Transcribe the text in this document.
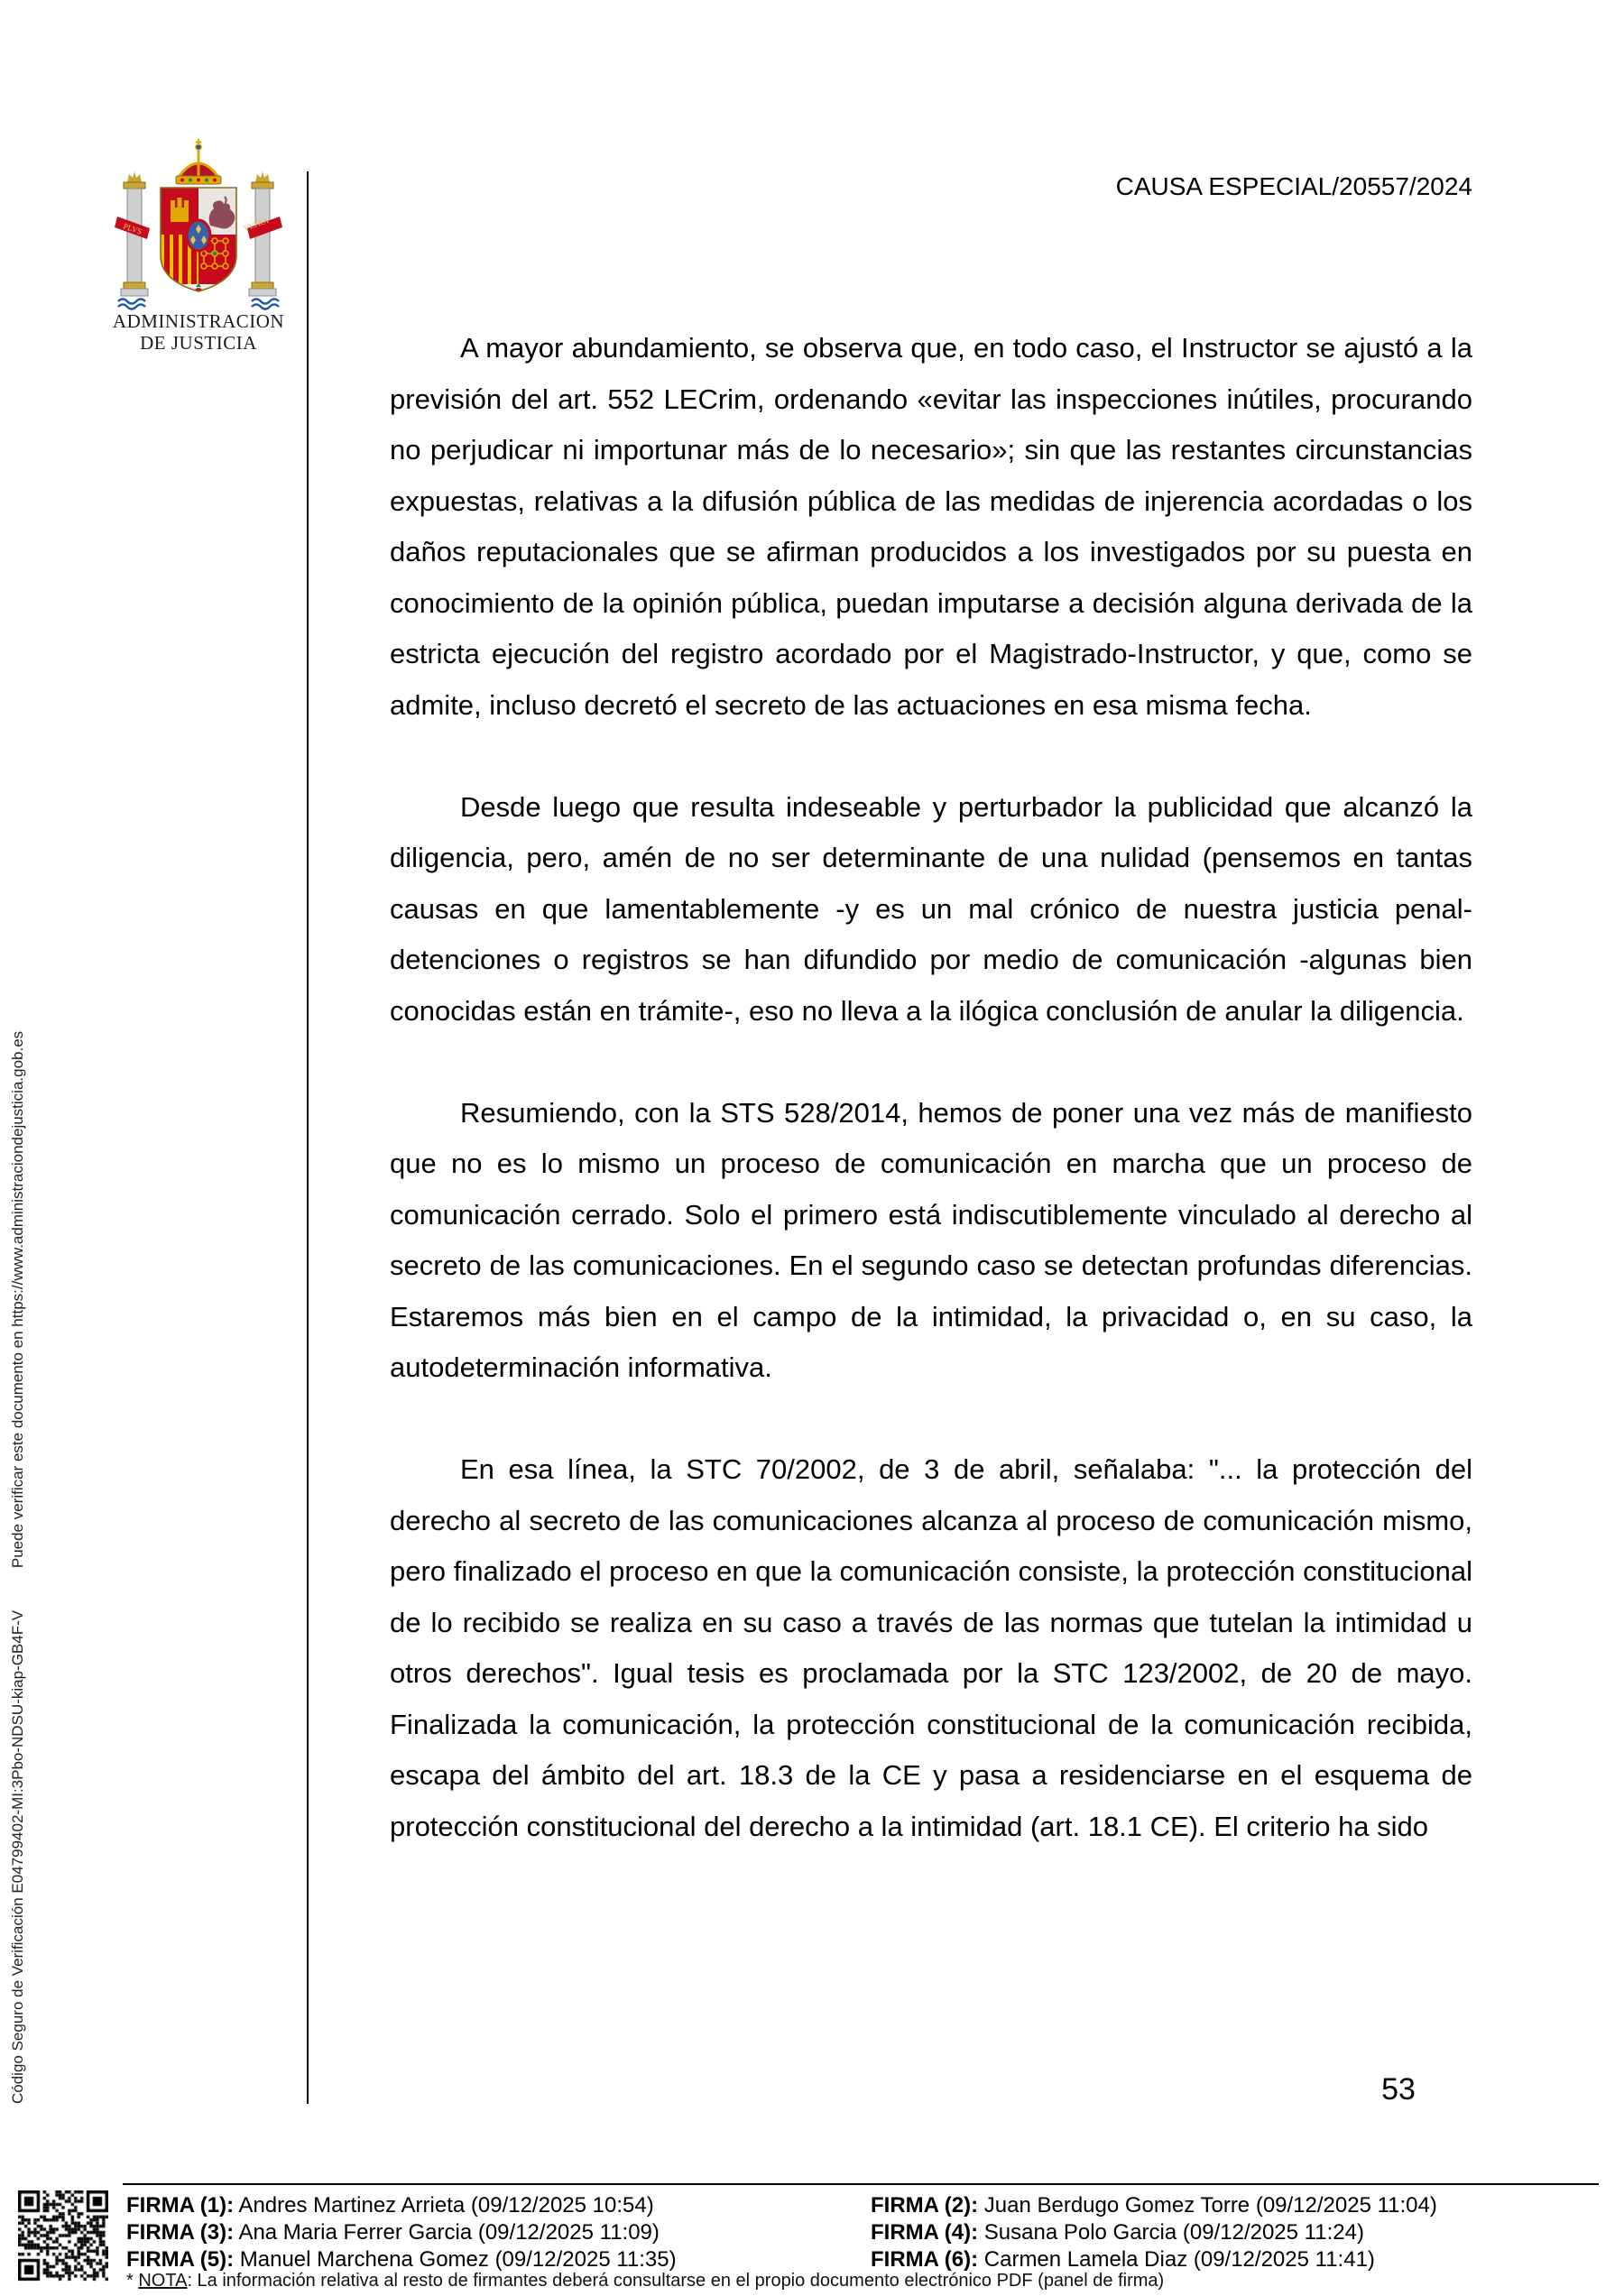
PLVS	VLTRA
ADMINISTRACION
DE JUSTICIA
Código Seguro de Verificación E04799402-MI:3Pbo-NDSU-kiap-GB4F-V Puede verificar este documento en https://www.administraciondejusticia.gob.es
CAUSA ESPECIAL/20557/2024

A mayor abundamiento, se observa que, en todo caso, el Instructor se ajustó a la previsión del art. 552 LECrim, ordenando «evitar las inspecciones inútiles, procurando no perjudicar ni importunar más de lo necesario»; sin que las restantes circunstancias expuestas, relativas a la difusión pública de las medidas de injerencia acordadas o los daños reputacionales que se afirman producidos a los investigados por su puesta en conocimiento de la opinión pública, puedan imputarse a decisión alguna derivada de la estricta ejecución del registro acordado por el Magistrado-Instructor, y que, como se admite, incluso decretó el secreto de las actuaciones en esa misma fecha.

Desde luego que resulta indeseable y perturbador la publicidad que alcanzó la diligencia, pero, amén de no ser determinante de una nulidad (pensemos en tantas causas en que lamentablemente -y es un mal crónico de nuestra justicia penal- detenciones o registros se han difundido por medio de comunicación -algunas bien conocidas están en trámite-, eso no lleva a la ilógica conclusión de anular la diligencia.

Resumiendo, con la STS 528/2014, hemos de poner una vez más de manifiesto que no es lo mismo un proceso de comunicación en marcha que un proceso de comunicación cerrado. Solo el primero está indiscutiblemente vinculado al derecho al secreto de las comunicaciones. En el segundo caso se detectan profundas diferencias. Estaremos más bien en el campo de la intimidad, la privacidad o, en su caso, la autodeterminación informativa.

En esa línea, la STC 70/2002, de 3 de abril, señalaba: "... la protección del derecho al secreto de las comunicaciones alcanza al proceso de comunicación mismo, pero finalizado el proceso en que la comunicación consiste, la protección constitucional de lo recibido se realiza en su caso a través de las normas que tutelan la intimidad u otros derechos". Igual tesis es proclamada por la STC 123/2002, de 20 de mayo. Finalizada la comunicación, la protección constitucional de la comunicación recibida, escapa del ámbito del art. 18.3 de la CE y pasa a residenciarse en el esquema de protección constitucional del derecho a la intimidad (art. 18.1 CE). El criterio ha sido

53
FIRMA (1): Andres Martinez Arrieta (09/12/2025 10:54)	FIRMA (2): Juan Berdugo Gomez Torre (09/12/2025 11:04)
FIRMA (3): Ana Maria Ferrer Garcia (09/12/2025 11:09)	FIRMA (4): Susana Polo Garcia (09/12/2025 11:24)
FIRMA (5): Manuel Marchena Gomez (09/12/2025 11:35)	FIRMA (6): Carmen Lamela Diaz (09/12/2025 11:41)
* NOTA: La información relativa al resto de firmantes deberá consultarse en el propio documento electrónico PDF (panel de firma)
